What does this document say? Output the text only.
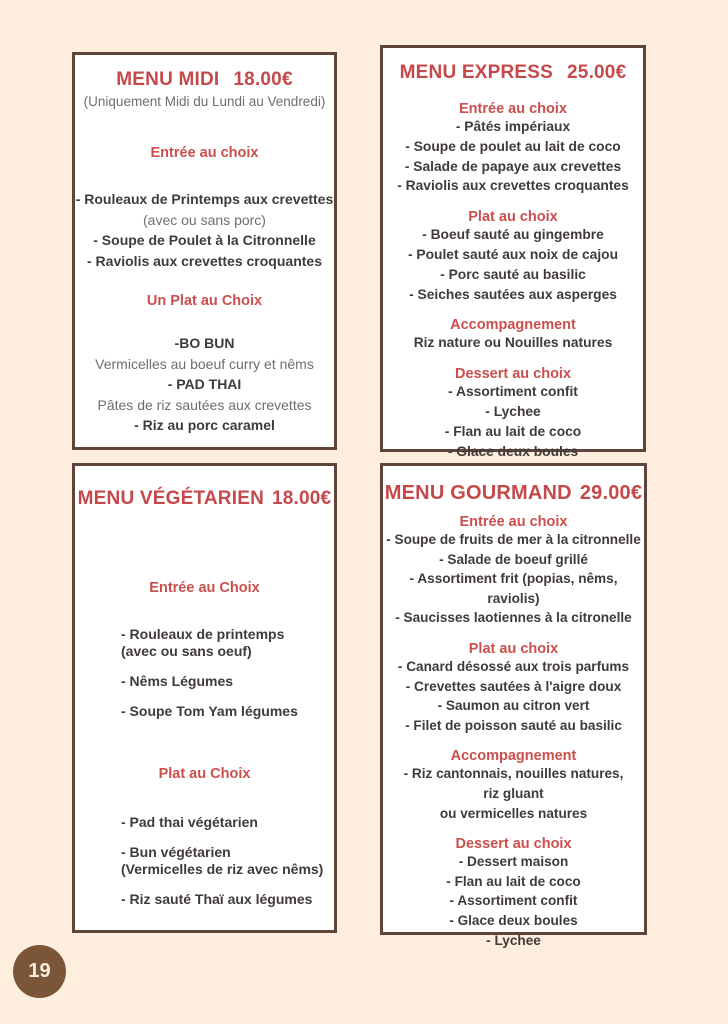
MENU MIDI 18.00€
(Uniquement Midi du Lundi au Vendredi)
Entrée au choix
- Rouleaux de Printemps aux crevettes
(avec ou sans porc)
- Soupe de Poulet à la Citronnelle
- Raviolis aux crevettes croquantes
Un Plat au Choix
-BO BUN
Vermicelles au boeuf curry et nêms
- PAD THAI
Pâtes de riz sautées aux crevettes
- Riz au porc caramel
MENU EXPRESS 25.00€
Entrée au choix
- Pâtés impériaux
- Soupe de poulet au lait de coco
- Salade de papaye aux crevettes
- Raviolis aux crevettes croquantes
Plat au choix
- Boeuf sauté au gingembre
- Poulet sauté aux noix de cajou
- Porc sauté au basilic
- Seiches sautées aux asperges
Accompagnement
Riz nature ou Nouilles natures
Dessert au choix
- Assortiment confit
- Lychee
- Flan au lait de coco
- Glace deux boules
MENU VÉGÉTARIEN 18.00€
Entrée au Choix
- Rouleaux de printemps
(avec ou sans oeuf)
- Nêms Légumes
- Soupe Tom Yam légumes
Plat au Choix
- Pad thai végétarien
- Bun végétarien
(Vermicelles de riz avec nêms)
- Riz sauté Thaï aux légumes
MENU GOURMAND 29.00€
Entrée au choix
- Soupe de fruits de mer à la citronnelle
- Salade de boeuf grillé
- Assortiment frit (popias, nêms, raviolis)
- Saucisses laotiennes à la citronelle
Plat au choix
- Canard désossé aux trois parfums
- Crevettes sautées à l'aigre doux
- Saumon au citron vert
- Filet de poisson sauté au basilic
Accompagnement
- Riz cantonnais, nouilles natures,
riz gluant
ou vermicelles natures
Dessert au choix
- Dessert maison
- Flan au lait de coco
- Assortiment confit
- Glace deux boules
- Lychee
19
